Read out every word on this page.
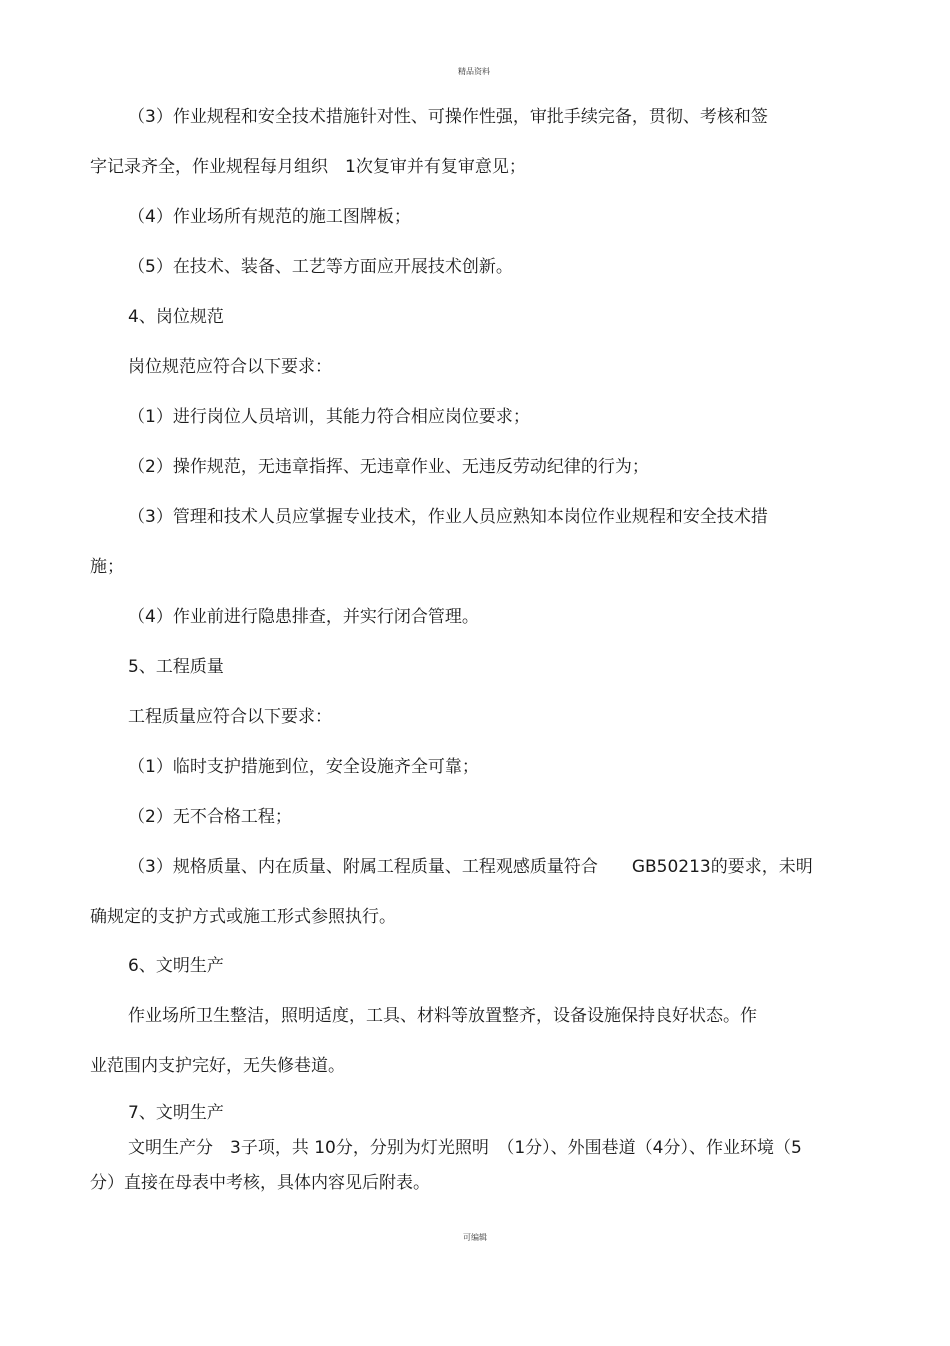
精品资料
（3）作业规程和安全技术措施针对性、可操作性强，审批手续完备，贯彻、考核和签
字记录齐全，作业规程每月组织　1次复审并有复审意见；
（4）作业场所有规范的施工图牌板；
（5）在技术、装备、工艺等方面应开展技术创新。
4、岗位规范
岗位规范应符合以下要求：
（1）进行岗位人员培训，其能力符合相应岗位要求；
（2）操作规范，无违章指挥、无违章作业、无违反劳动纪律的行为；
（3）管理和技术人员应掌握专业技术，作业人员应熟知本岗位作业规程和安全技术措
施；
（4）作业前进行隐患排查，并实行闭合管理。
5、工程质量
工程质量应符合以下要求：
（1）临时支护措施到位，安全设施齐全可靠；
（2）无不合格工程；
（3）规格质量、内在质量、附属工程质量、工程观感质量符合　　GB50213的要求，未明
确规定的支护方式或施工形式参照执行。
6、文明生产
作业场所卫生整洁，照明适度，工具、材料等放置整齐，设备设施保持良好状态。作
业范围内支护完好，无失修巷道。
7、文明生产
文明生产分　3子项，共 10分，分别为灯光照明　（1分）、外围巷道（4分）、作业环境（5
分）直接在母表中考核，具体内容见后附表。
可编辑
